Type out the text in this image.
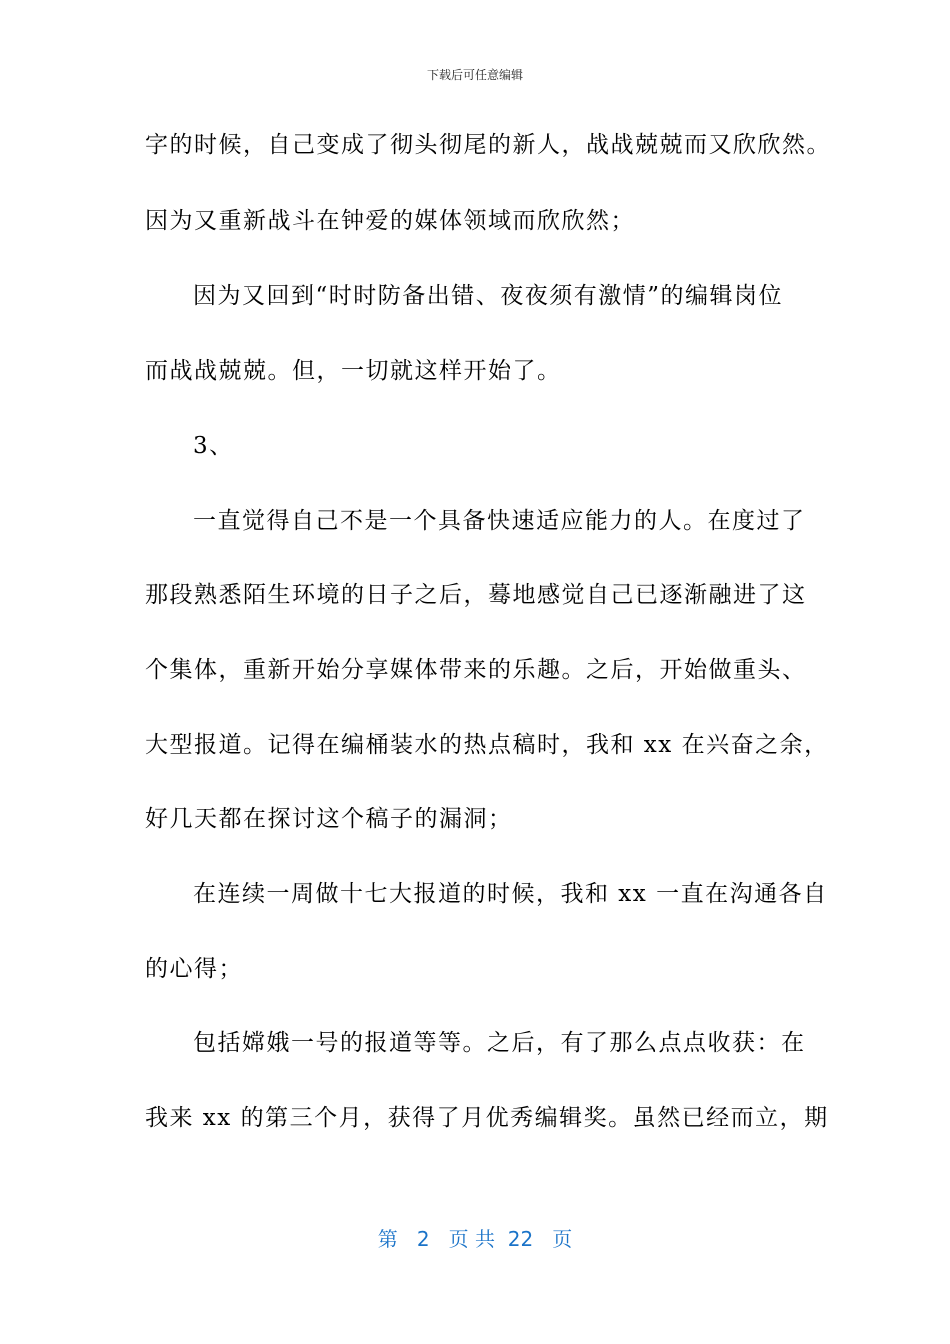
下载后可任意编辑
字的时候，自己变成了彻头彻尾的新人，战战兢兢而又欣欣然。
因为又重新战斗在钟爱的媒体领域而欣欣然；
因为又回到“时时防备出错、夜夜须有激情”的编辑岗位
而战战兢兢。但，一切就这样开始了。
3、
一直觉得自己不是一个具备快速适应能力的人。在度过了
那段熟悉陌生环境的日子之后，蓦地感觉自己已逐渐融进了这
个集体，重新开始分享媒体带来的乐趣。之后，开始做重头、
大型报道。记得在编桶装水的热点稿时，我和 xx 在兴奋之余，
好几天都在探讨这个稿子的漏洞；
在连续一周做十七大报道的时候，我和 xx 一直在沟通各自
的心得；
包括嫦娥一号的报道等等。之后，有了那么点点收获：在
我来 xx 的第三个月，获得了月优秀编辑奖。虽然已经而立，期
第 2 页 共 22 页
